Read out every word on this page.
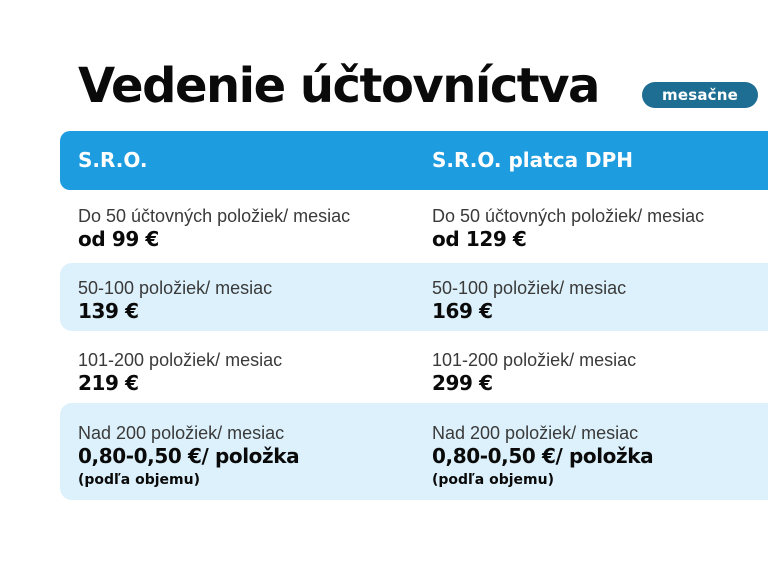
Vedenie účtovníctva	mesačne
S.R.O.	S.R.O. platca DPH
Do 50 účtovných položiek/ mesiac
od 99 €
Do 50 účtovných položiek/ mesiac
od 129 €
50-100 položiek/ mesiac
139 €
50-100 položiek/ mesiac
169 €
101-200 položiek/ mesiac
219 €
101-200 položiek/ mesiac
299 €
Nad 200 položiek/ mesiac
0,80-0,50 €/ položka
(podľa objemu)
Nad 200 položiek/ mesiac
0,80-0,50 €/ položka
(podľa objemu)
